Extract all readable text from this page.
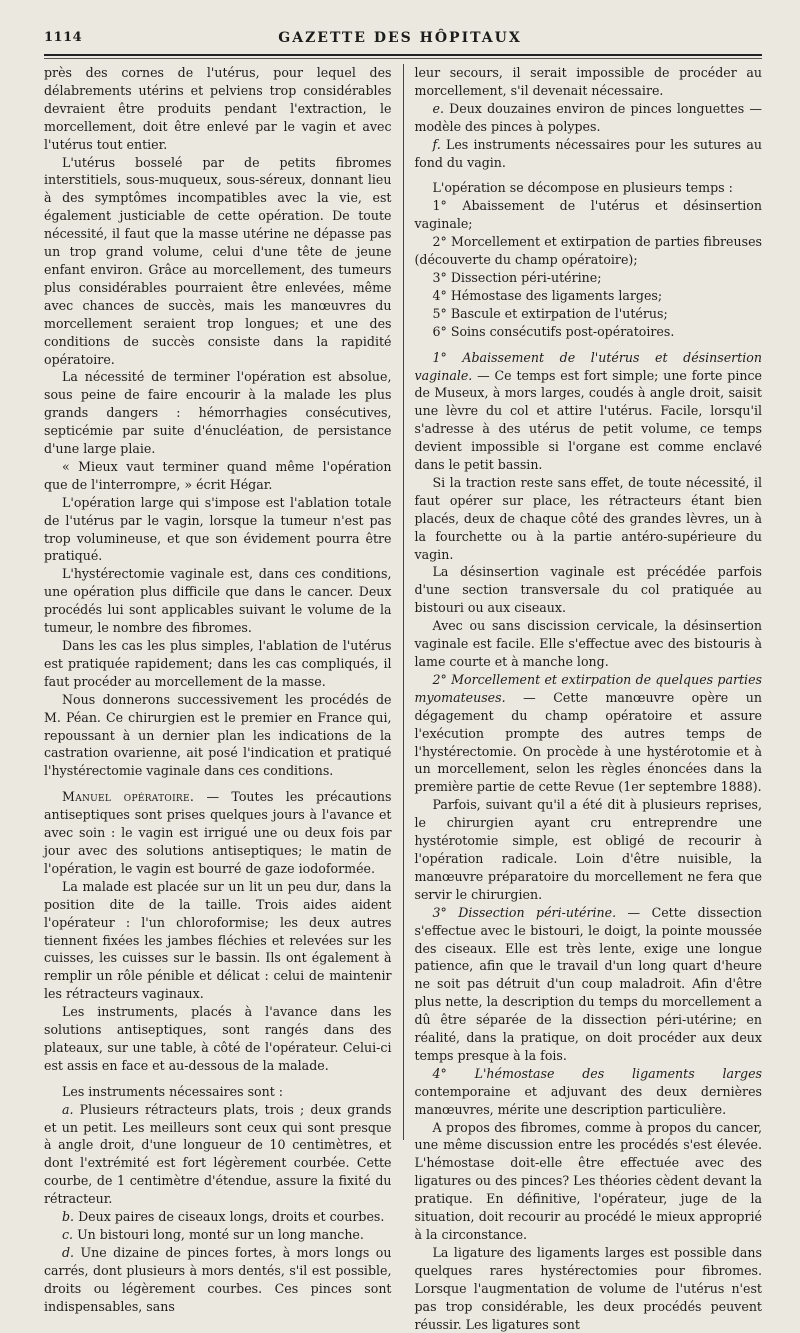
1114	GAZETTE DES HÔPITAUX

près des cornes de l'utérus, pour lequel des délabrements utérins et pelviens trop considérables devraient être produits pendant l'extraction, le morcellement, doit être enlevé par le vagin et avec l'utérus tout entier.

L'utérus bosselé par de petits fibromes interstitiels, sous-muqueux, sous-séreux, donnant lieu à des symptômes incompatibles avec la vie, est également justiciable de cette opération. De toute nécessité, il faut que la masse utérine ne dépasse pas un trop grand volume, celui d'une tête de jeune enfant environ. Grâce au morcellement, des tumeurs plus considérables pourraient être enlevées, même avec chances de succès, mais les manœuvres du morcellement seraient trop longues; et une des conditions de succès consiste dans la rapidité opératoire.

La nécessité de terminer l'opération est absolue, sous peine de faire encourir à la malade les plus grands dangers : hémorrhagies consécutives, septicémie par suite d'énucléation, de persistance d'une large plaie.

« Mieux vaut terminer quand même l'opération que de l'interrompre, » écrit Hégar.

L'opération large qui s'impose est l'ablation totale de l'utérus par le vagin, lorsque la tumeur n'est pas trop volumineuse, et que son évidement pourra être pratiqué.

L'hystérectomie vaginale est, dans ces conditions, une opération plus difficile que dans le cancer. Deux procédés lui sont applicables suivant le volume de la tumeur, le nombre des fibromes.

Dans les cas les plus simples, l'ablation de l'utérus est pratiquée rapidement; dans les cas compliqués, il faut procéder au morcellement de la masse.

Nous donnerons successivement les procédés de M. Péan. Ce chirurgien est le premier en France qui, repoussant à un dernier plan les indications de la castration ovarienne, ait posé l'indication et pratiqué l'hystérectomie vaginale dans ces conditions.

Manuel opératoire. — Toutes les précautions antiseptiques sont prises quelques jours à l'avance et avec soin : le vagin est irrigué une ou deux fois par jour avec des solutions antiseptiques; le matin de l'opération, le vagin est bourré de gaze iodoformée.

La malade est placée sur un lit un peu dur, dans la position dite de la taille. Trois aides aident l'opérateur : l'un chloroformise; les deux autres tiennent fixées les jambes fléchies et relevées sur les cuisses, les cuisses sur le bassin. Ils ont également à remplir un rôle pénible et délicat : celui de maintenir les rétracteurs vaginaux.

Les instruments, placés à l'avance dans les solutions antiseptiques, sont rangés dans des plateaux, sur une table, à côté de l'opérateur. Celui-ci est assis en face et au-dessous de la malade.

Les instruments nécessaires sont :

a. Plusieurs rétracteurs plats, trois ; deux grands et un petit. Les meilleurs sont ceux qui sont presque à angle droit, d'une longueur de 10 centimètres, et dont l'extrémité est fort légèrement courbée. Cette courbe, de 1 centimètre d'étendue, assure la fixité du rétracteur.

b. Deux paires de ciseaux longs, droits et courbes.

c. Un bistouri long, monté sur un long manche.

d. Une dizaine de pinces fortes, à mors longs ou carrés, dont plusieurs à mors dentés, s'il est possible, droits ou légèrement courbes. Ces pinces sont indispensables, sans

leur secours, il serait impossible de procéder au morcellement, s'il devenait nécessaire.

e. Deux douzaines environ de pinces longuettes — modèle des pinces à polypes.

f. Les instruments nécessaires pour les sutures au fond du vagin.

L'opération se décompose en plusieurs temps :

1° Abaissement de l'utérus et désinsertion vaginale;

2° Morcellement et extirpation de parties fibreuses (découverte du champ opératoire);

3° Dissection péri-utérine;

4° Hémostase des ligaments larges;

5° Bascule et extirpation de l'utérus;

6° Soins consécutifs post-opératoires.

1° Abaissement de l'utérus et désinsertion vaginale. — Ce temps est fort simple; une forte pince de Museux, à mors larges, coudés à angle droit, saisit une lèvre du col et attire l'utérus. Facile, lorsqu'il s'adresse à des utérus de petit volume, ce temps devient impossible si l'organe est comme enclavé dans le petit bassin.

Si la traction reste sans effet, de toute nécessité, il faut opérer sur place, les rétracteurs étant bien placés, deux de chaque côté des grandes lèvres, un à la fourchette ou à la partie antéro-supérieure du vagin.

La désinsertion vaginale est précédée parfois d'une section transversale du col pratiquée au bistouri ou aux ciseaux.

Avec ou sans discission cervicale, la désinsertion vaginale est facile. Elle s'effectue avec des bistouris à lame courte et à manche long.

2° Morcellement et extirpation de quelques parties myomateuses. — Cette manœuvre opère un dégagement du champ opératoire et assure l'exécution prompte des autres temps de l'hystérectomie. On procède à une hystérotomie et à un morcellement, selon les règles énoncées dans la première partie de cette Revue (1er septembre 1888).

Parfois, suivant qu'il a été dit à plusieurs reprises, le chirurgien ayant cru entreprendre une hystérotomie simple, est obligé de recourir à l'opération radicale. Loin d'être nuisible, la manœuvre préparatoire du morcellement ne fera que servir le chirurgien.

3° Dissection péri-utérine. — Cette dissection s'effectue avec le bistouri, le doigt, la pointe moussée des ciseaux. Elle est très lente, exige une longue patience, afin que le travail d'un long quart d'heure ne soit pas détruit d'un coup maladroit. Afin d'être plus nette, la description du temps du morcellement a dû être séparée de la dissection péri-utérine; en réalité, dans la pratique, on doit procéder aux deux temps presque à la fois.

4° L'hémostase des ligaments larges contemporaine et adjuvant des deux dernières manœuvres, mérite une description particulière.

A propos des fibromes, comme à propos du cancer, une même discussion entre les procédés s'est élevée. L'hémostase doit-elle être effectuée avec des ligatures ou des pinces? Les théories cèdent devant la pratique. En définitive, l'opérateur, juge de la situation, doit recourir au procédé le mieux approprié à la circonstance.

La ligature des ligaments larges est possible dans quelques rares hystérectomies pour fibromes. Lorsque l'augmentation de volume de l'utérus n'est pas trop considérable, les deux procédés peuvent réussir. Les ligatures sont
